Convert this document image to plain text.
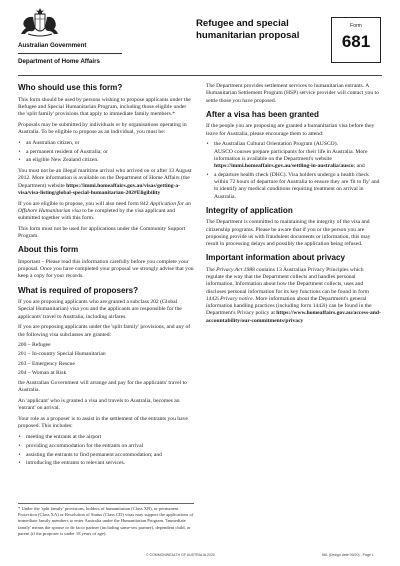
Australian Government
Department of Home Affairs
Refugee and special
humanitarian proposal
Form
681
Who should use this form?

This form should be used by persons wishing to propose applicants under the Refugee and Special Humanitarian Program, including those eligible under the 'split family' provisions that apply to immediate family members.*

Proposals may be submitted by individuals or by organisations operating in Australia. To be eligible to propose as an individual, you must be:

• an Australian citizen, or
• a permanent resident of Australia; or
• an eligible New Zealand citizen.

You must not be an illegal maritime arrival who arrived on or after 13 August 2012. More information is available on the Department of Home Affairs (the Department) website https://immi.homeaffairs.gov.au/visas/getting-a-visa/visa-listing/global-special-humanitarian-202#Eligibility

If you are eligible to propose, you will also need form 842 Application for an Offshore Humanitarian visa to be completed by the visa applicant and submitted together with this form.

This form must not be used for applications under the Community Support Program.

About this form

Important – Please read this information carefully before you complete your proposal. Once you have completed your proposal we strongly advise that you keep a copy for your records.

What is required of proposers?

If you are proposing applicants who are granted a subclass 202 (Global Special Humanitarian) visa you and the applicants are responsible for the applicants' travel to Australia, including airfares.

If you are proposing applicants under the 'split family' provisions, and any of the following visa subclasses are granted:

200 – Refugee
201 – In-country Special Humanitarian
203 – Emergency Rescue
204 – Woman at Risk

the Australian Government will arrange and pay for the applicants' travel to Australia.

An 'applicant' who is granted a visa and travels to Australia, becomes an 'entrant' on arrival.

Your role as a proposer is to assist in the settlement of the entrants you have proposed. This includes:

• meeting the entrants at the airport
• providing accommodation for the entrants on arrival
• assisting the entrants to find permanent accommodation; and
• introducing the entrants to relevant services.
* Under the 'split family' provisions, holders of humanitarian (Class XB), or permanent Protection (Class XA) or Resolution of Status (Class CD) visas may support the applications of immediate family members to enter Australia under the Humanitarian Program. 'Immediate family' means the spouse or de facto partner (including same-sex partner), dependent child, or parent (if the proposer is under 18 years of age).

The Department provides settlement services to humanitarian entrants. A Humanitarian Settlement Program (HSP) service provider will contact you to settle those you have proposed.

After a visa has been granted

If the people you are proposing are granted a humanitarian visa before they leave for Australia, please encourage them to attend:

• the Australian Cultural Orientation Program (AUSCO).
AUSCO courses prepare participants for their life in Australia. More information is available on the Department's website https://immi.homeaffairs.gov.au/settling-in-australia/ausco; and
• a departure health check (DHC). Visa holders undergo a health check within 72 hours of departure for Australia to ensure they are 'fit to fly' and to identify any medical conditions requiring treatment on arrival in Australia.
Integrity of application

The Department is committed to maintaining the integrity of the visa and citizenship programs. Please be aware that if you or the person you are proposing provide us with fraudulent documents or information, this may result in processing delays and possibly the application being refused.

Important information about privacy

The Privacy Act 1988 contains 13 Australian Privacy Principles which regulate the way that the Department collects and handles personal information. Information about how the Department collects, uses and discloses personal information for its key functions can be found in form 1442i Privacy notice. More information about the Department's general information handling practices (including form 1442i) can be found in the Department's Privacy policy at https://www.homeaffairs.gov.au/access-and-accountability/our-commitments/privacy

© COMMONWEALTH OF AUSTRALIA 2020	681 (Design date 09/20) - Page 1
